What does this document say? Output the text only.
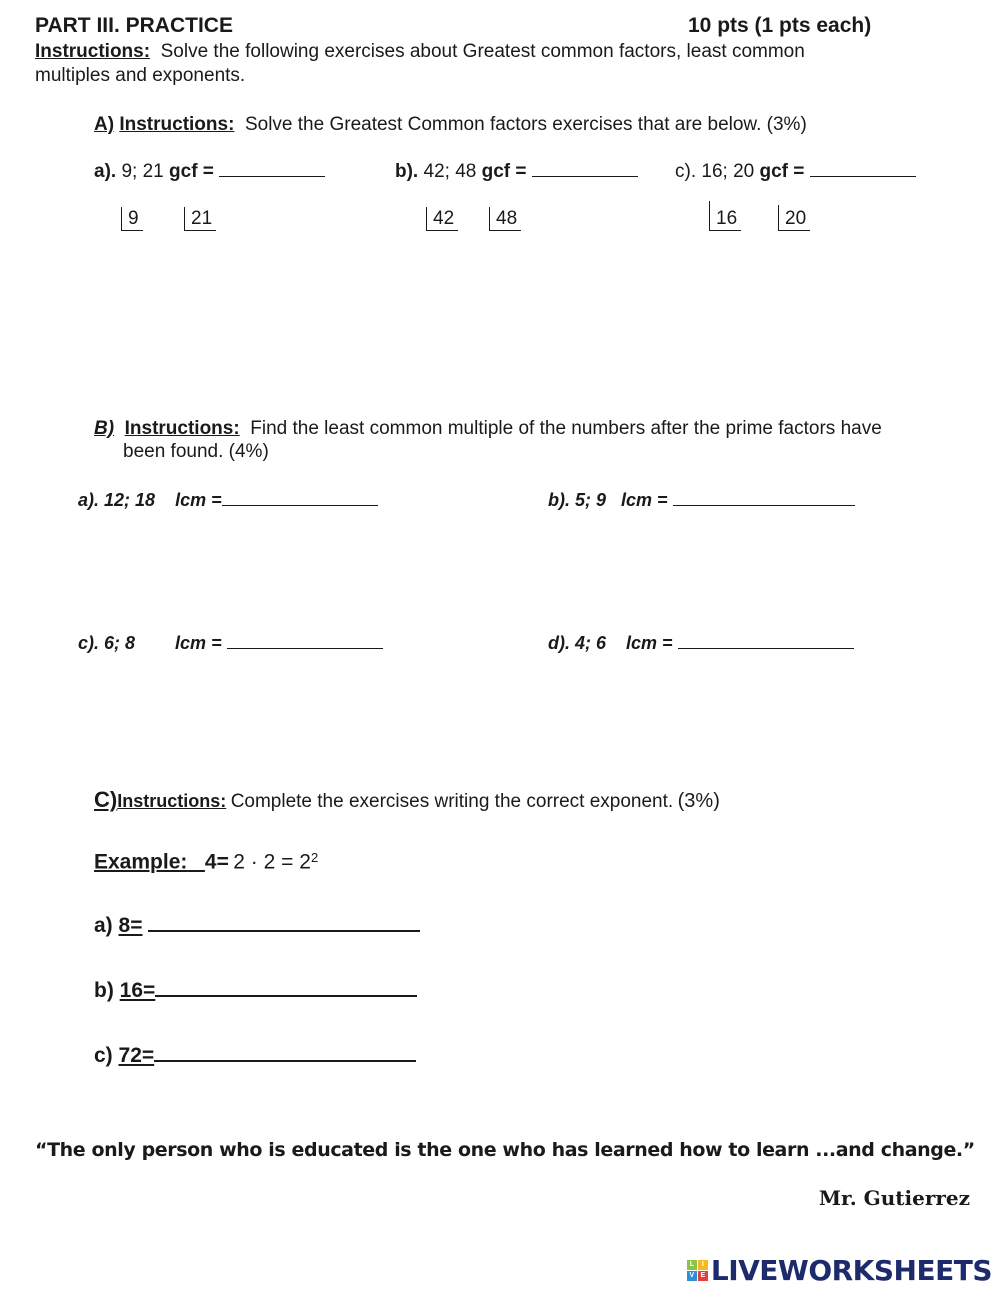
PART III. PRACTICE	10 pts (1 pts each)
Instructions: Solve the following exercises about Greatest common factors, least common
multiples and exponents.
A) Instructions: Solve the Greatest Common factors exercises that are below. (3%)
a). 9; 21 gcf =	b). 42; 48 gcf =	c). 16; 20 gcf =
9	21	42	48	16	20
B) Instructions: Find the least common multiple of the numbers after the prime factors have
been found. (4%)
a). 12; 18 lcm =	b). 5; 9 lcm =
c). 6; 8 lcm =	d). 4; 6 lcm =
C)Instructions: Complete the exercises writing the correct exponent. (3%)
Example: $4= 2 \cdot 2 = 2^2$
a) 8=
b) 16=
c) 72=
“The only person who is educated is the one who has learned how to learn ...and change.”
Mr. Gutierrez
L	I
V E LIVEWORKSHEETS
